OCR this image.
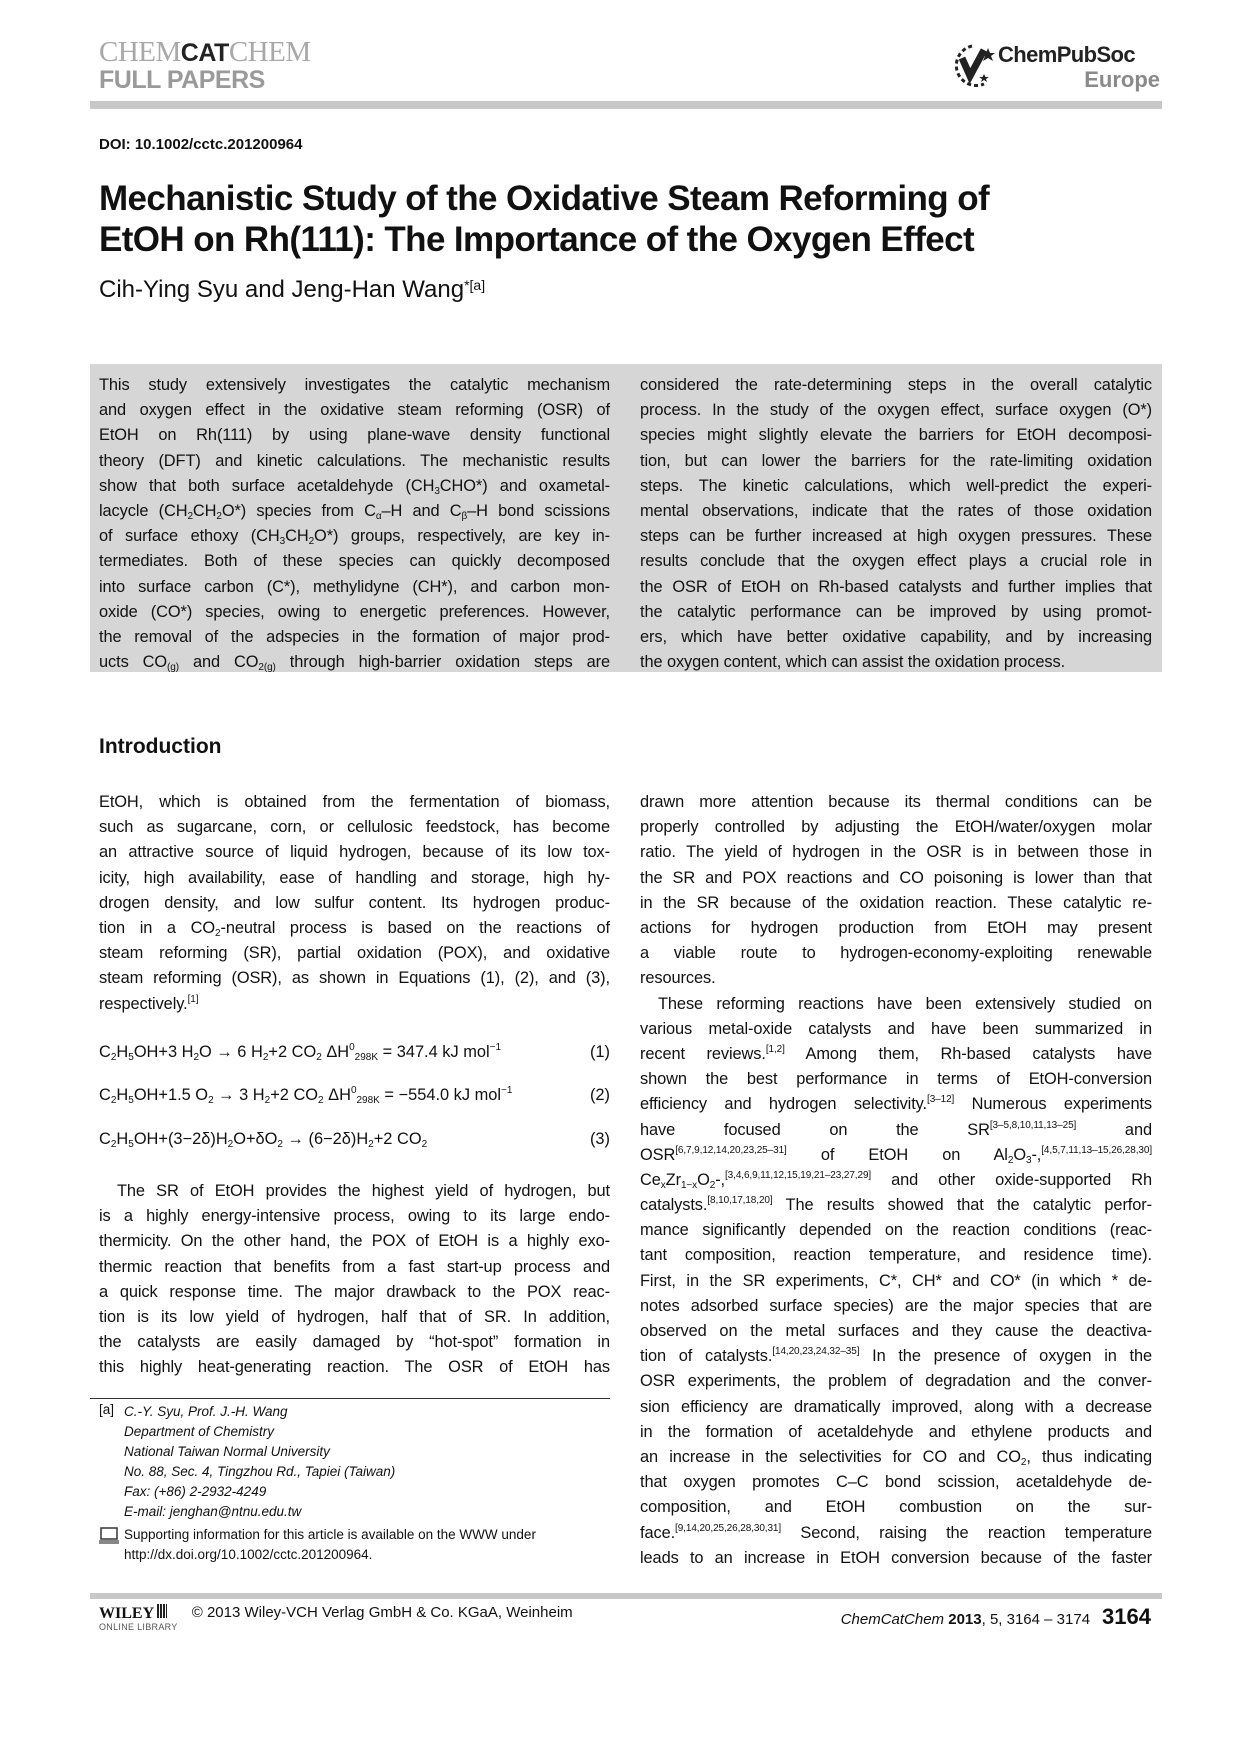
CHEMCATCHEM
FULL PAPERS
ChemPubSoc
Europe
DOI: 10.1002/cctc.201200964
Mechanistic Study of the Oxidative Steam Reforming of
EtOH on Rh(111): The Importance of the Oxygen Effect
Cih-Ying Syu and Jeng-Han Wang$^{*[a]}$
This study extensively investigates the catalytic mechanism
and oxygen effect in the oxidative steam reforming (OSR) of
EtOH on Rh(111) by using plane-wave density functional
theory (DFT) and kinetic calculations. The mechanistic results
show that both surface acetaldehyde $(CH_3CHO*)$ and oxametal-
lacycle $(CH_2CH_2O*)$ species from $C_\alpha-H$ and $C_\beta-H$ bond scissions
of surface ethoxy $(CH_3CH_2O*)$ groups, respectively, are key in-
termediates. Both of these species can quickly decomposed
into surface carbon (C*), methylidyne (CH*), and carbon mon-
oxide (CO*) species, owing to energetic preferences. However,
the removal of the adspecies in the formation of major prod-
ucts $CO_{(g)}$ and $CO_{2(g)}$ through high-barrier oxidation steps are
considered the rate-determining steps in the overall catalytic
process. In the study of the oxygen effect, surface oxygen (O*)
species might slightly elevate the barriers for EtOH decomposi-
tion, but can lower the barriers for the rate-limiting oxidation
steps. The kinetic calculations, which well-predict the experi-
mental observations, indicate that the rates of those oxidation
steps can be further increased at high oxygen pressures. These
results conclude that the oxygen effect plays a crucial role in
the OSR of EtOH on Rh-based catalysts and further implies that
the catalytic performance can be improved by using promot-
ers, which have better oxidative capability, and by increasing
the oxygen content, which can assist the oxidation process.
Introduction
EtOH, which is obtained from the fermentation of biomass,
such as sugarcane, corn, or cellulosic feedstock, has become
an attractive source of liquid hydrogen, because of its low tox-
icity, high availability, ease of handling and storage, high hy-
drogen density, and low sulfur content. Its hydrogen produc-
tion in a $CO_2$-neutral process is based on the reactions of
steam reforming (SR), partial oxidation (POX), and oxidative
steam reforming (OSR), as shown in Equations (1), (2), and (3),
respectively.[1]
$C_2H_5OH+3$ $H_2O \to 6$ $H_2+2$ $CO_2$ $\Delta H^0_{298K} = 347.4$ kJ mol$^{-1}$	(1)
$C_2H_5OH+1.5$ $O_2 \to 3$ $H_2+2$ $CO_2$ $\Delta H^0_{298K} = -554.0$ kJ mol$^{-1}$	(2)
$C_2H_5OH+(3-2\delta)H_2O+\delta O_2 \to (6-2\delta)H_2+2$ $CO_2$	(3)
The SR of EtOH provides the highest yield of hydrogen, but
is a highly energy-intensive process, owing to its large endo-
thermicity. On the other hand, the POX of EtOH is a highly exo-
thermic reaction that benefits from a fast start-up process and
a quick response time. The major drawback to the POX reac-
tion is its low yield of hydrogen, half that of SR. In addition,
the catalysts are easily damaged by “hot-spot” formation in
this highly heat-generating reaction. The OSR of EtOH has
drawn more attention because its thermal conditions can be
properly controlled by adjusting the EtOH/water/oxygen molar
ratio. The yield of hydrogen in the OSR is in between those in
the SR and POX reactions and CO poisoning is lower than that
in the SR because of the oxidation reaction. These catalytic re-
actions for hydrogen production from EtOH may present
a viable route to hydrogen-economy-exploiting renewable
resources.
These reforming reactions have been extensively studied on
various metal-oxide catalysts and have been summarized in
recent reviews.[1,2] Among them, Rh-based catalysts have
shown the best performance in terms of EtOH-conversion
efficiency and hydrogen selectivity.[3–12] Numerous experiments
have focused on the SR[3–5,8,10,11,13–25] and
OSR[6,7,9,12,14,20,23,25–31] of EtOH on $Al_2O_3-,[4,5,7,11,13-15,26,28,30]$
$Ce_xZr_{1-x}O_2-,[3,4,6,9,11,12,15,19,21-23,27,29]$ and other oxide-supported Rh
catalysts.[8,10,17,18,20] The results showed that the catalytic perfor-
mance significantly depended on the reaction conditions (reac-
tant composition, reaction temperature, and residence time).
First, in the SR experiments, C*, CH* and CO* (in which * de-
notes adsorbed surface species) are the major species that are
observed on the metal surfaces and they cause the deactiva-
tion of catalysts.[14,20,23,24,32–35] In the presence of oxygen in the
OSR experiments, the problem of degradation and the conver-
sion efficiency are dramatically improved, along with a decrease
in the formation of acetaldehyde and ethylene products and
an increase in the selectivities for CO and $CO_2$, thus indicating
that oxygen promotes C–C bond scission, acetaldehyde de-
composition, and EtOH combustion on the sur-
face.[9,14,20,25,26,28,30,31] Second, raising the reaction temperature
leads to an increase in EtOH conversion because of the faster
[a] C.-Y. Syu, Prof. J.-H. Wang
Department of Chemistry
National Taiwan Normal University
No. 88, Sec. 4, Tingzhou Rd., Tapiei (Taiwan)
Fax: (+86) 2-2932-4249
E-mail: jenghan@ntnu.edu.tw
Supporting information for this article is available on the WWW under
http://dx.doi.org/10.1002/cctc.201200964.
WILEY
ONLINE LIBRARY © 2013 Wiley-VCH Verlag GmbH & Co. KGaA, Weinheim	ChemCatChem 2013, 5, 3164 – 3174 3164
